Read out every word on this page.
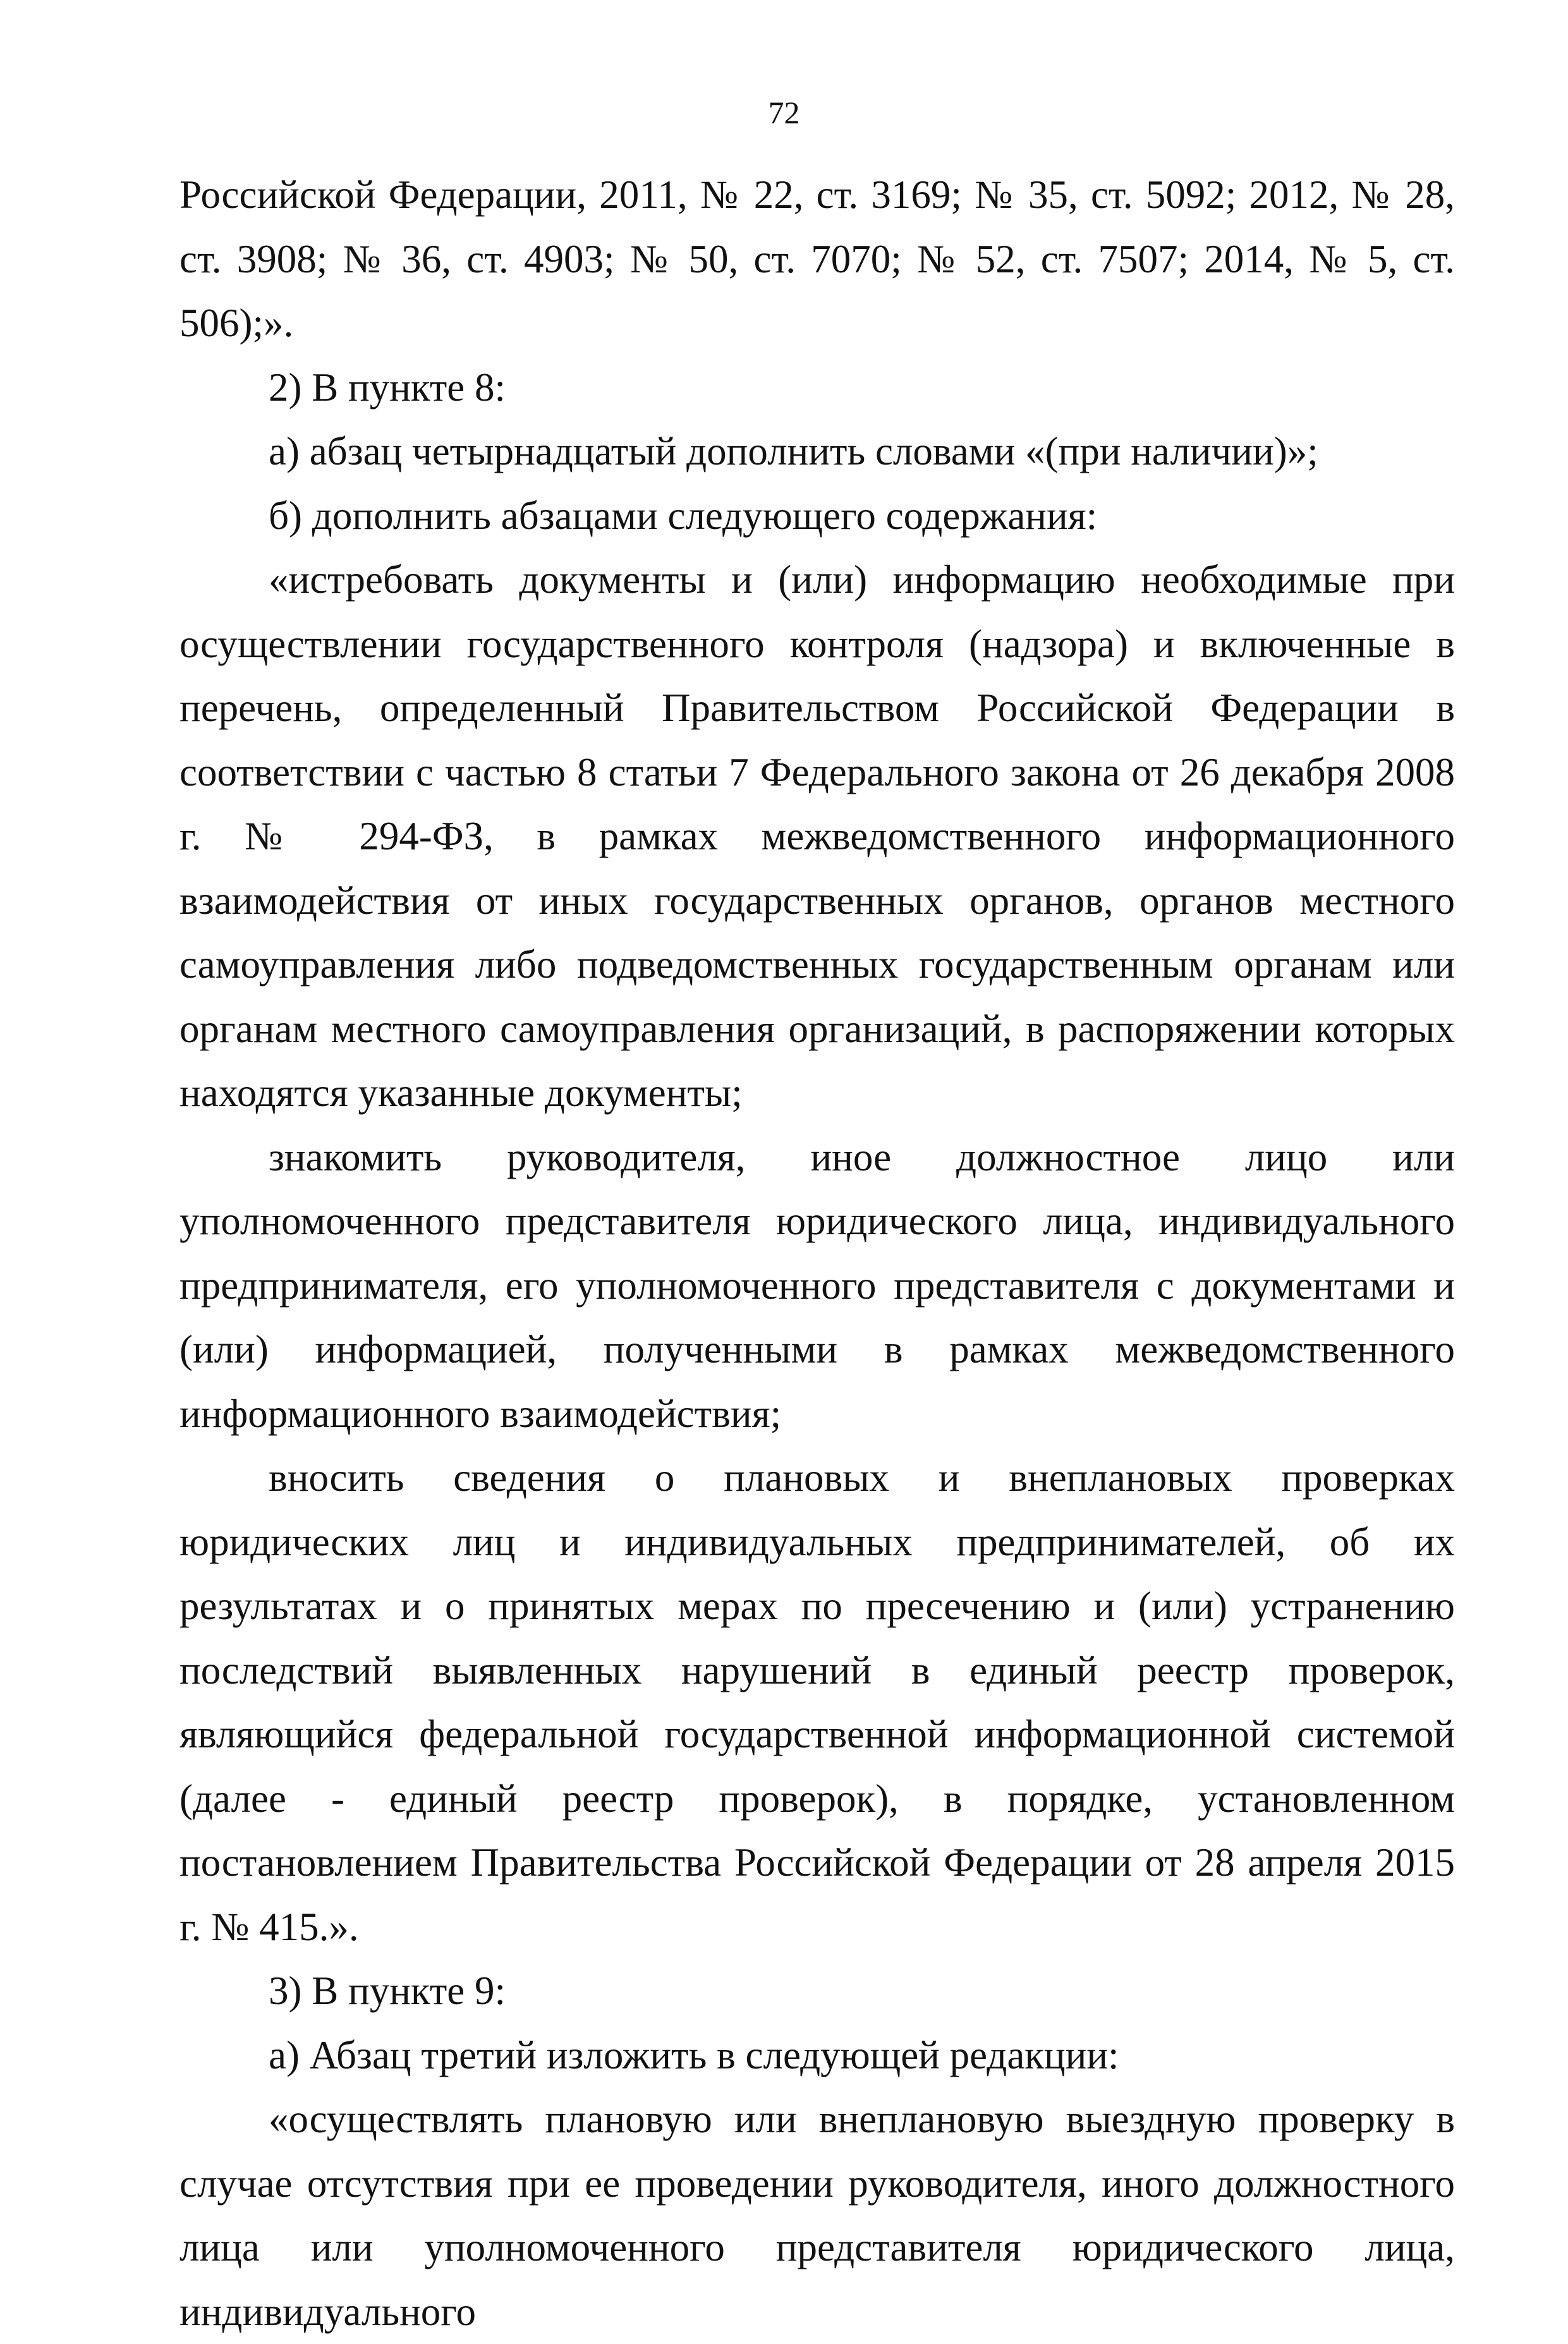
72

Российской Федерации, 2011, № 22, ст. 3169; № 35, ст. 5092; 2012, № 28, ст. 3908; № 36, ст. 4903; № 50, ст. 7070; № 52, ст. 7507; 2014, № 5, ст. 506);».

2) В пункте 8:

а) абзац четырнадцатый дополнить словами «(при наличии)»;

б) дополнить абзацами следующего содержания:

«истребовать документы и (или) информацию необходимые при осуществлении государственного контроля (надзора) и включенные в перечень, определенный Правительством Российской Федерации в соответствии с частью 8 статьи 7 Федерального закона от 26 декабря 2008 г. № 294-ФЗ, в рамках межведомственного информационного взаимодействия от иных государственных органов, органов местного самоуправления либо подведомственных государственным органам или органам местного самоуправления организаций, в распоряжении которых находятся указанные документы;

знакомить руководителя, иное должностное лицо или уполномоченного представителя юридического лица, индивидуального предпринимателя, его уполномоченного представителя с документами и (или) информацией, полученными в рамках межведомственного информационного взаимодействия;

вносить сведения о плановых и внеплановых проверках юридических лиц и индивидуальных предпринимателей, об их результатах и о принятых мерах по пресечению и (или) устранению последствий выявленных нарушений в единый реестр проверок, являющийся федеральной государственной информационной системой (далее - единый реестр проверок), в порядке, установленном постановлением Правительства Российской Федерации от 28 апреля 2015 г. № 415.».

3) В пункте 9:

а) Абзац третий изложить в следующей редакции:

«осуществлять плановую или внеплановую выездную проверку в случае отсутствия при ее проведении руководителя, иного должностного лица или уполномоченного представителя юридического лица, индивидуального
